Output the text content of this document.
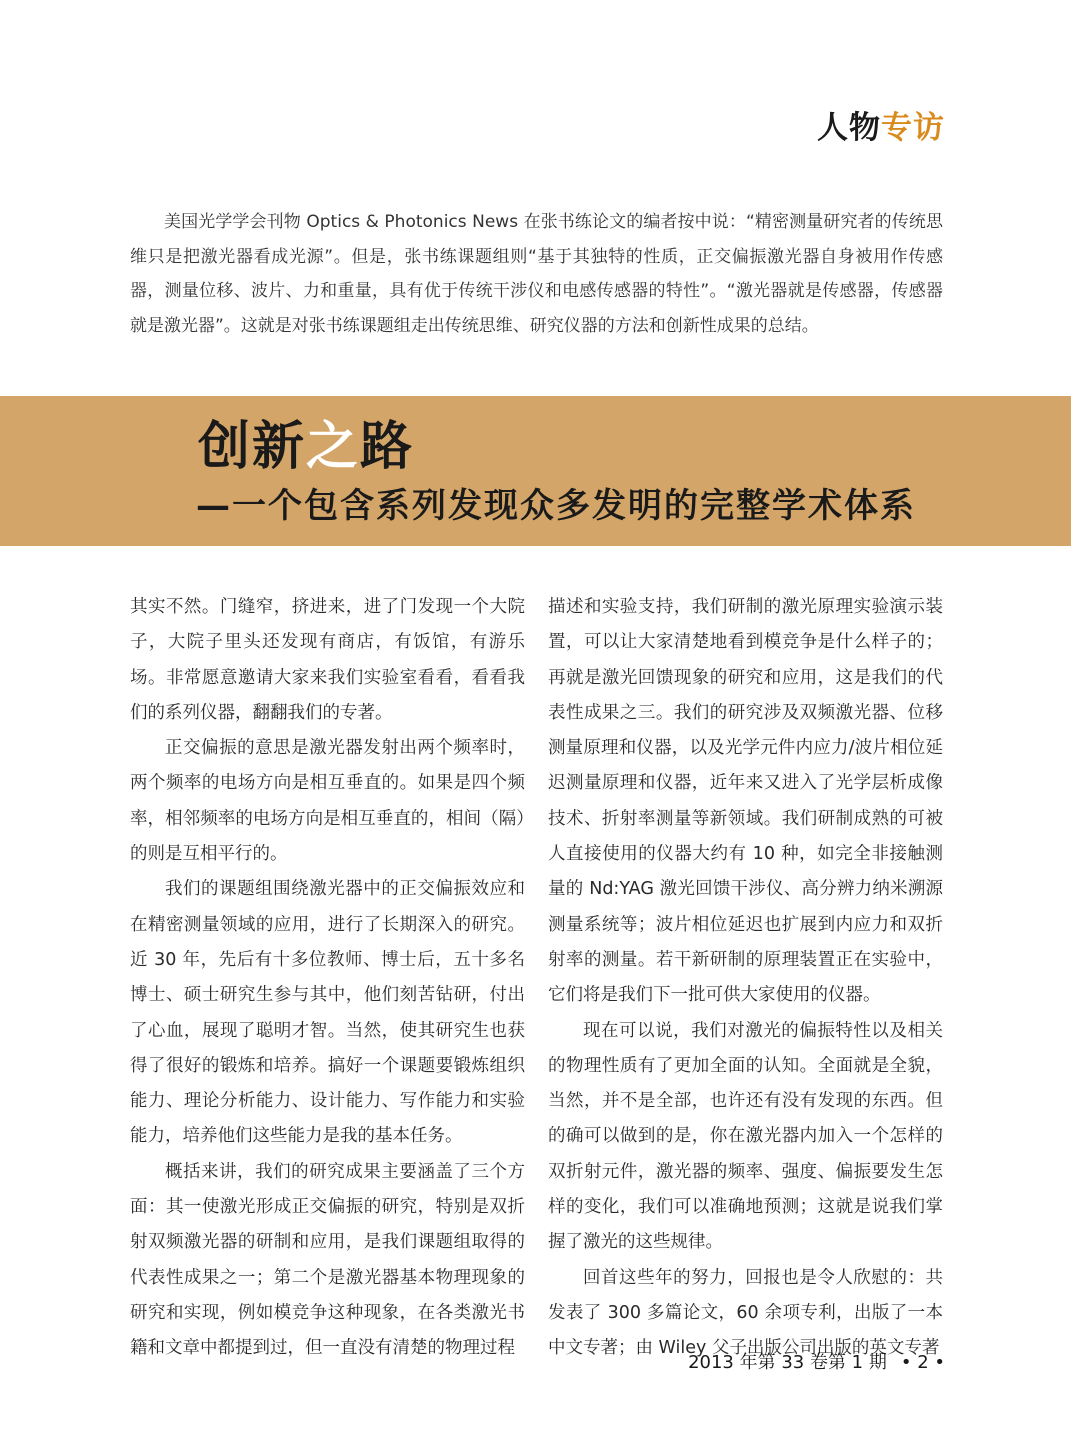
人物专访

美国光学学会刊物 Optics & Photonics News 在张书练论文的编者按中说：“精密测量研究者的传统思维只是把激光器看成光源”。但是，张书练课题组则“基于其独特的性质，正交偏振激光器自身被用作传感器，测量位移、波片、力和重量，具有优于传统干涉仪和电感传感器的特性”。“激光器就是传感器，传感器就是激光器”。这就是对张书练课题组走出传统思维、研究仪器的方法和创新性成果的总结。

创新之路
—一个包含系列发现众多发明的完整学术体系

其实不然。门缝窄，挤进来，进了门发现一个大院子，大院子里头还发现有商店，有饭馆，有游乐场。非常愿意邀请大家来我们实验室看看，看看我们的系列仪器，翻翻我们的专著。

正交偏振的意思是激光器发射出两个频率时，两个频率的电场方向是相互垂直的。如果是四个频率，相邻频率的电场方向是相互垂直的，相间（隔）的则是互相平行的。

我们的课题组围绕激光器中的正交偏振效应和在精密测量领域的应用，进行了长期深入的研究。近 30 年，先后有十多位教师、博士后，五十多名博士、硕士研究生参与其中，他们刻苦钻研，付出了心血，展现了聪明才智。当然，使其研究生也获得了很好的锻炼和培养。搞好一个课题要锻炼组织能力、理论分析能力、设计能力、写作能力和实验能力，培养他们这些能力是我的基本任务。

概括来讲，我们的研究成果主要涵盖了三个方面：其一使激光形成正交偏振的研究，特别是双折射双频激光器的研制和应用，是我们课题组取得的代表性成果之一；第二个是激光器基本物理现象的研究和实现，例如模竞争这种现象，在各类激光书籍和文章中都提到过，但一直没有清楚的物理过程

描述和实验支持，我们研制的激光原理实验演示装置，可以让大家清楚地看到模竞争是什么样子的；再就是激光回馈现象的研究和应用，这是我们的代表性成果之三。我们的研究涉及双频激光器、位移测量原理和仪器，以及光学元件内应力/波片相位延迟测量原理和仪器，近年来又进入了光学层析成像技术、折射率测量等新领域。我们研制成熟的可被人直接使用的仪器大约有 10 种，如完全非接触测量的 Nd:YAG 激光回馈干涉仪、高分辨力纳米溯源测量系统等；波片相位延迟也扩展到内应力和双折射率的测量。若干新研制的原理装置正在实验中，它们将是我们下一批可供大家使用的仪器。

现在可以说，我们对激光的偏振特性以及相关的物理性质有了更加全面的认知。全面就是全貌，当然，并不是全部，也许还有没有发现的东西。但的确可以做到的是，你在激光器内加入一个怎样的双折射元件，激光器的频率、强度、偏振要发生怎样的变化，我们可以准确地预测；这就是说我们掌握了激光的这些规律。

回首这些年的努力，回报也是令人欣慰的：共发表了 300 多篇论文，60 余项专利，出版了一本中文专著；由 Wiley 父子出版公司出版的英文专著

2013 年第 33 卷第 1 期 • 2 •
